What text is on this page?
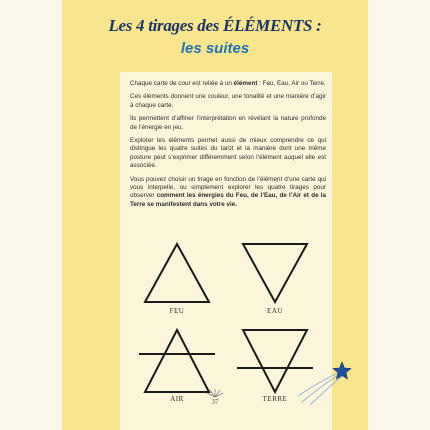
Les 4 tirages des ÉLÉMENTS :
les suites

Chaque carte de cour est reliée à un élément : Feu, Eau, Air ou Terre.

Ces éléments donnent une couleur, une tonalité et une manière d’agir à chaque carte.

Ils permettent d’affiner l’interprétation en révélant la nature profonde de l’énergie en jeu.

Explorer les éléments permet aussi de mieux comprendre ce qui distingue les quatre suites du tarot et la manière dont une même posture peut s’exprimer différemment selon l’élément auquel elle est associée.

Vous pouvez choisir un tirage en fonction de l’élément d’une carte qui vous interpelle, ou simplement explorer les quatre tirages pour observer comment les énergies du Feu, de l’Eau, de l’Air et de la Terre se manifestent dans votre vie.

FEU	EAU
AIR	TERRE
37
